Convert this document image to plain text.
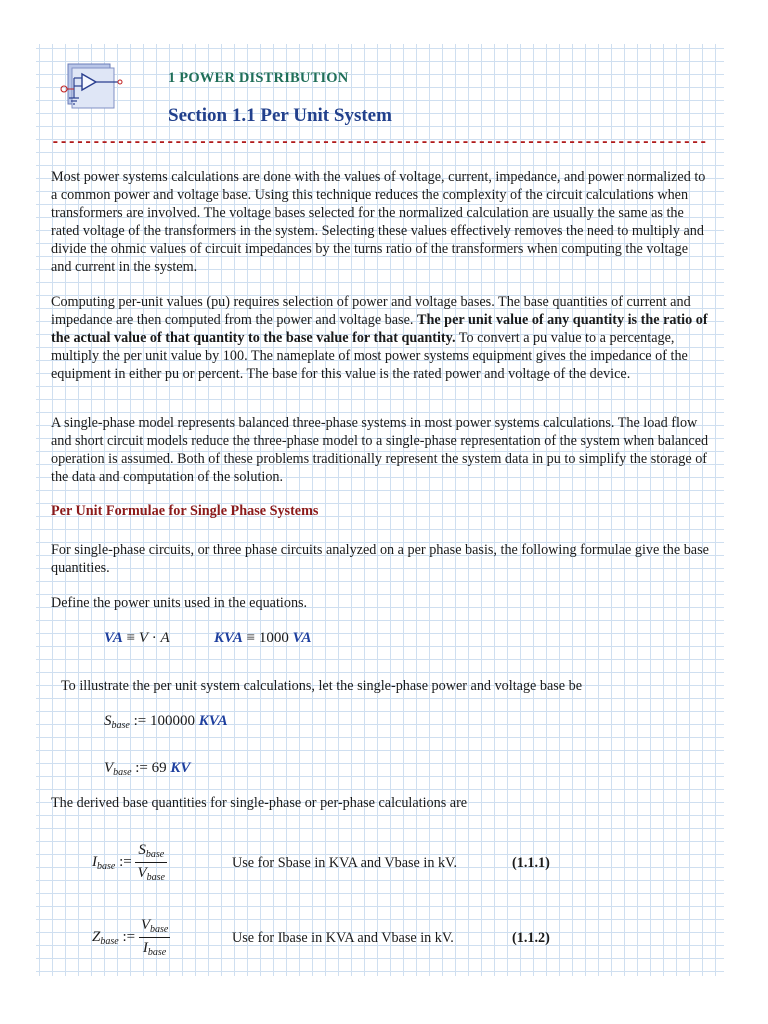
1 POWER DISTRIBUTION
Section 1.1 Per Unit System
--------------------------------------------------------------------------------

Most power systems calculations are done with the values of voltage, current, impedance, and power normalized to a common power and voltage base. Using this technique reduces the complexity of the circuit calculations when transformers are involved. The voltage bases selected for the normalized calculation are usually the same as the rated voltage of the transformers in the system. Selecting these values effectively removes the need to multiply and divide the ohmic values of circuit impedances by the turns ratio of the transformers when computing the voltage and current in the system.

Computing per-unit values (pu) requires selection of power and voltage bases. The base quantities of current and impedance are then computed from the power and voltage base. The per unit value of any quantity is the ratio of the actual value of that quantity to the base value for that quantity. To convert a pu value to a percentage, multiply the per unit value by 100. The nameplate of most power systems equipment gives the impedance of the equipment in either pu or percent. The base for this value is the rated power and voltage of the device.

A single-phase model represents balanced three-phase systems in most power systems calculations. The load flow and short circuit models reduce the three-phase model to a single-phase representation of the system when balanced operation is assumed. Both of these problems traditionally represent the system data in pu to simplify the storage of the data and computation of the solution.

Per Unit Formulae for Single Phase Systems

For single-phase circuits, or three phase circuits analyzed on a per phase basis, the following formulae give the base quantities.

Define the power units used in the equations.

VA ≡ V · A	KVA ≡ 1000 VA

To illustrate the per unit system calculations, let the single-phase power and voltage base be

$S_{base}$ := 100000 KVA
$V_{base}$ := 69 KV

The derived base quantities for single-phase or per-phase calculations are

$I_{base}$ := $\frac{S_{base}}{V_{base}}$	Use for Sbase in KVA and Vbase in kV.	(1.1.1)
$Z_{base}$ := $\frac{V_{base}}{I_{base}}$	Use for Ibase in KVA and Vbase in kV.	(1.1.2)
